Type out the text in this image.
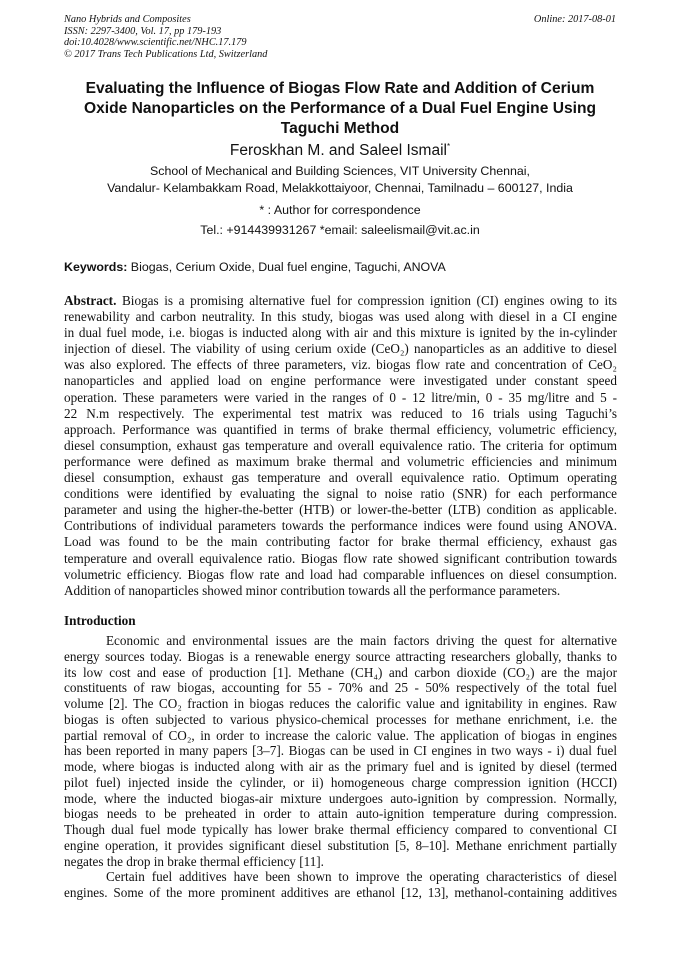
Nano Hybrids and Composites
ISSN: 2297-3400, Vol. 17, pp 179-193
doi:10.4028/www.scientific.net/NHC.17.179
© 2017 Trans Tech Publications Ltd, Switzerland
Online: 2017-08-01
Evaluating the Influence of Biogas Flow Rate and Addition of Cerium
Oxide Nanoparticles on the Performance of a Dual Fuel Engine Using
Taguchi Method
Feroskhan M. and Saleel Ismail*
School of Mechanical and Building Sciences, VIT University Chennai,
Vandalur- Kelambakkam Road, Melakkottaiyoor, Chennai, Tamilnadu – 600127, India
* : Author for correspondence
Tel.: +914439931267 *email: saleelismail@vit.ac.in
Keywords: Biogas, Cerium Oxide, Dual fuel engine, Taguchi, ANOVA
Abstract. Biogas is a promising alternative fuel for compression ignition (CI) engines owing to its
renewability and carbon neutrality. In this study, biogas was used along with diesel in a CI engine
in dual fuel mode, i.e. biogas is inducted along with air and this mixture is ignited by the in-cylinder
injection of diesel. The viability of using cerium oxide (CeO₂) nanoparticles as an additive to diesel
was also explored. The effects of three parameters, viz. biogas flow rate and concentration of CeO₂
nanoparticles and applied load on engine performance were investigated under constant speed
operation. These parameters were varied in the ranges of 0 - 12 litre/min, 0 - 35 mg/litre and 5 -
22 N.m respectively. The experimental test matrix was reduced to 16 trials using Taguchi’s
approach. Performance was quantified in terms of brake thermal efficiency, volumetric efficiency,
diesel consumption, exhaust gas temperature and overall equivalence ratio. The criteria for optimum
performance were defined as maximum brake thermal and volumetric efficiencies and minimum
diesel consumption, exhaust gas temperature and overall equivalence ratio. Optimum operating
conditions were identified by evaluating the signal to noise ratio (SNR) for each performance
parameter and using the higher-the-better (HTB) or lower-the-better (LTB) condition as applicable.
Contributions of individual parameters towards the performance indices were found using ANOVA.
Load was found to be the main contributing factor for brake thermal efficiency, exhaust gas
temperature and overall equivalence ratio. Biogas flow rate showed significant contribution towards
volumetric efficiency. Biogas flow rate and load had comparable influences on diesel consumption.
Addition of nanoparticles showed minor contribution towards all the performance parameters.
Introduction
Economic and environmental issues are the main factors driving the quest for alternative
energy sources today. Biogas is a renewable energy source attracting researchers globally, thanks to
its low cost and ease of production [1]. Methane (CH₄) and carbon dioxide (CO₂) are the major
constituents of raw biogas, accounting for 55 - 70% and 25 - 50% respectively of the total fuel
volume [2]. The CO₂ fraction in biogas reduces the calorific value and ignitability in engines. Raw
biogas is often subjected to various physico-chemical processes for methane enrichment, i.e. the
partial removal of CO₂, in order to increase the caloric value. The application of biogas in engines
has been reported in many papers [3–7]. Biogas can be used in CI engines in two ways - i) dual fuel
mode, where biogas is inducted along with air as the primary fuel and is ignited by diesel (termed
pilot fuel) injected inside the cylinder, or ii) homogeneous charge compression ignition (HCCI)
mode, where the inducted biogas-air mixture undergoes auto-ignition by compression. Normally,
biogas needs to be preheated in order to attain auto-ignition temperature during compression.
Though dual fuel mode typically has lower brake thermal efficiency compared to conventional CI
engine operation, it provides significant diesel substitution [5, 8–10]. Methane enrichment partially
negates the drop in brake thermal efficiency [11].
Certain fuel additives have been shown to improve the operating characteristics of diesel
engines. Some of the more prominent additives are ethanol [12, 13], methanol-containing additives
